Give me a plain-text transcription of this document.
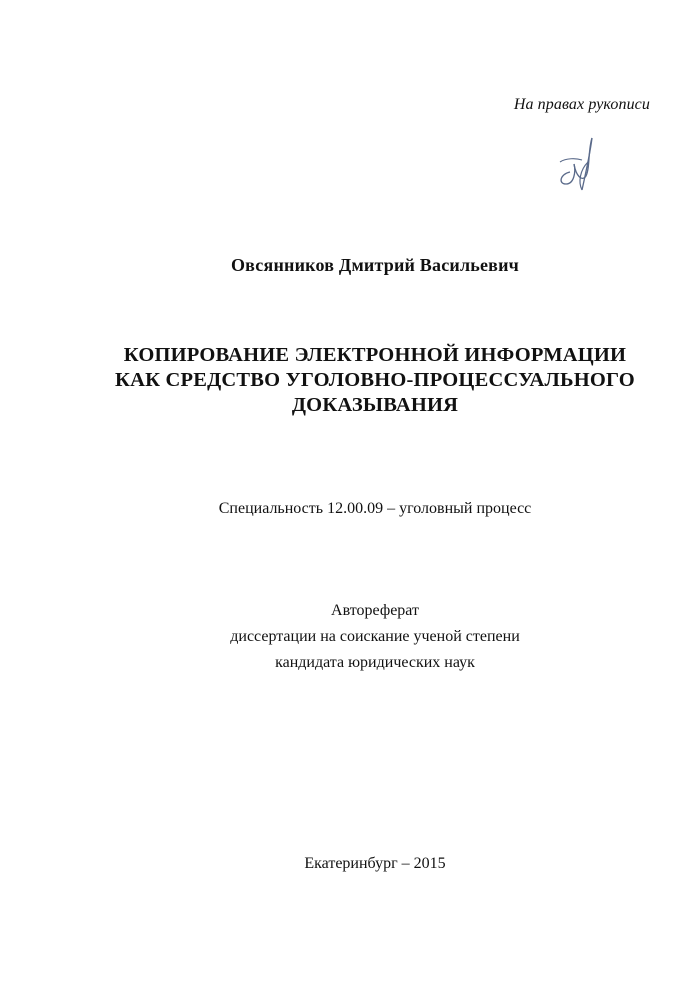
На правах рукописи
Овсянников Дмитрий Васильевич
КОПИРОВАНИЕ ЭЛЕКТРОННОЙ ИНФОРМАЦИИ
КАК СРЕДСТВО УГОЛОВНО-ПРОЦЕССУАЛЬНОГО
ДОКАЗЫВАНИЯ
Специальность 12.00.09 – уголовный процесс
Автореферат
диссертации на соискание ученой степени
кандидата юридических наук
Екатеринбург – 2015
